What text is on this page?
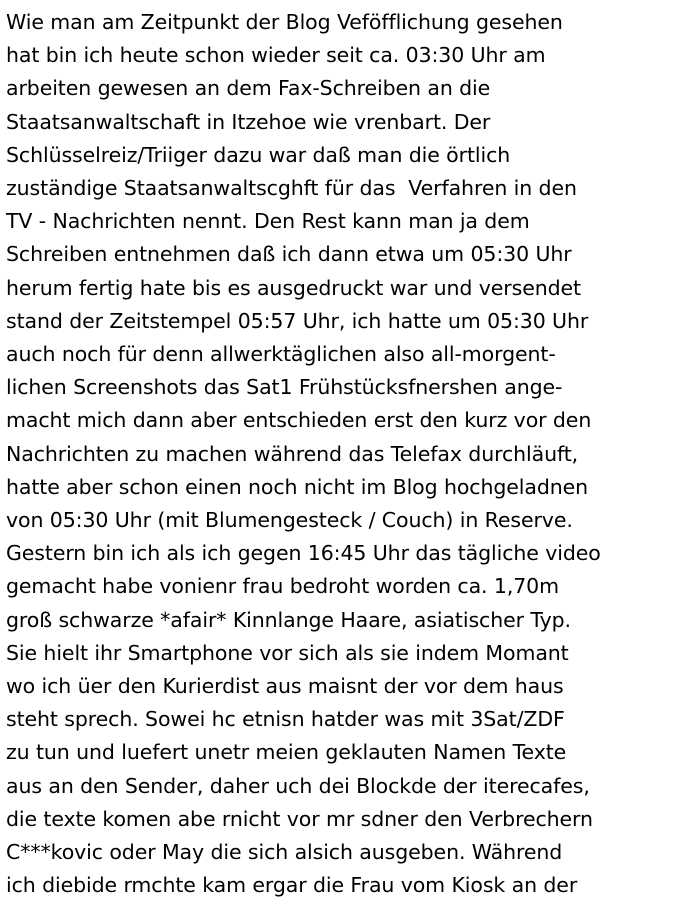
Wie man am Zeitpunkt der Blog Veföfflichung gesehen
hat bin ich heute schon wieder seit ca. 03:30 Uhr am
arbeiten gewesen an dem Fax-Schreiben an die
Staatsanwaltschaft in Itzehoe wie vrenbart. Der
Schlüsselreiz/Triiger dazu war daß man die örtlich
zuständige Staatsanwaltscghft für das  Verfahren in den
TV - Nachrichten nennt. Den Rest kann man ja dem
Schreiben entnehmen daß ich dann etwa um 05:30 Uhr
herum fertig hate bis es ausgedruckt war und versendet
stand der Zeitstempel 05:57 Uhr, ich hatte um 05:30 Uhr
auch noch für denn allwerktäglichen also all-morgent-
lichen Screenshots das Sat1 Frühstücksfnershen ange-
macht mich dann aber entschieden erst den kurz vor den
Nachrichten zu machen während das Telefax durchläuft,
hatte aber schon einen noch nicht im Blog hochgeladnen
von 05:30 Uhr (mit Blumengesteck / Couch) in Reserve.
Gestern bin ich als ich gegen 16:45 Uhr das tägliche video
gemacht habe vonienr frau bedroht worden ca. 1,70m
groß schwarze *afair* Kinnlange Haare, asiatischer Typ.
Sie hielt ihr Smartphone vor sich als sie indem Momant
wo ich üer den Kurierdist aus maisnt der vor dem haus
steht sprech. Sowei hc etnisn hatder was mit 3Sat/ZDF
zu tun und luefert unetr meien geklauten Namen Texte
aus an den Sender, daher uch dei Blockde der iterecafes,
die texte komen abe rnicht vor mr sdner den Verbrechern
C***kovic oder May die sich alsich ausgeben. Während
ich diebide rmchte kam ergar die Frau vom Kiosk an der
